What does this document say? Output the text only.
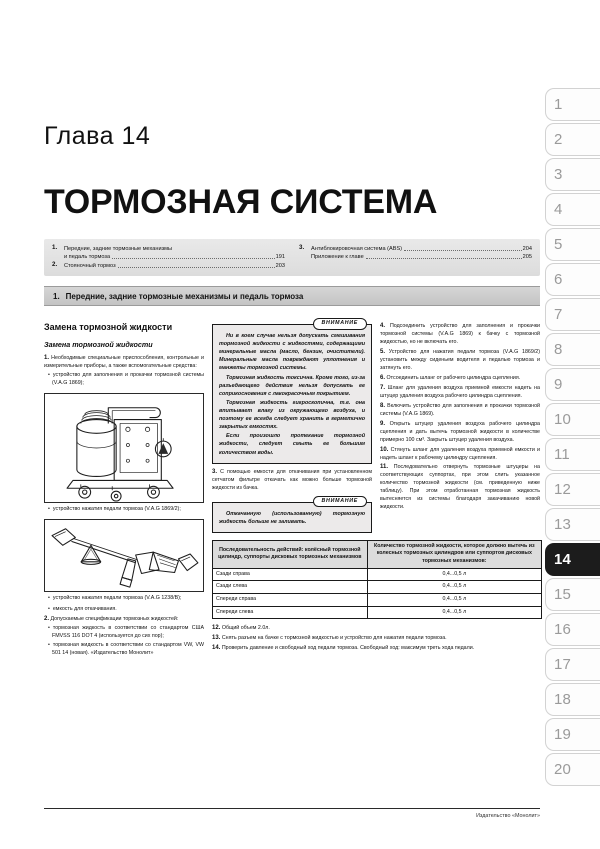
1
2
3
4
5
6
7
8
9
10
11
12
13
14
15
16
17
18
19
20
Глава 14
ТОРМОЗНАЯ СИСТЕМА
1.	Передние, задние тормозные механизмы
и педаль тормоза	191
2.	Стояночный тормоз	203
3.	Антиблокировочная система (ABS)	204
Приложение к главе	205
1. Передние, задние тормозные механизмы и педаль тормоза
Замена тормозной жидкости
Замена тормозной жидкости

1. Необходимые специальные приспособления, контрольные и измерительные приборы, а также вспомогательные средства:

• устройство для заполнения и прокачки тормозной системы (V.A.G 1869);

• устройство нажатия педали тормоза (V.A.G 1869/2);
• устройство нажатия педали тормоза (V.A.G 1238/B);

• емкость для откачивания.

2. Допускаемые спецификации тормозных жидкостей:

• тормозная жидкость в соответствии со стандартом США FMVSS 116 DOT 4 (используется до сих пор);

• тормозная жидкость в соответствии со стандартом VW, VW 501 14 (новая). «Издательство Монолит»

ВНИМАНИЕ

Ни в коем случае нельзя допускать смешивания тормозной жидкости с жидкостями, содержащими минеральные масла (масло, бензин, очистители). Минеральные масла повреждают уплотнения и манжеты тормозной системы.

Тормозная жидкость токсична. Кроме того, из-за разъедающего действия нельзя допускать ее соприкосновения с лакокрасочным покрытием.

Тормозная жидкость гигроскопична, т.е. она впитывает влагу из окружающего воздуха, и поэтому ее всегда следует хранить в герметично закрытых емкостях.

Если произошло протекание тормозной жидкости, следует смыть ее большим количеством воды.

3. С помощью емкости для откачивания при установленном сетчатом фильтре откачать как можно больше тормозной жидкости из бачка.

ВНИМАНИЕ

Откачанную (использованную) тормозную жидкость больше не заливать.

Последовательность действий: колёсный тормозной цилиндр, суппорты дисковых тормозных механизмов	Количество тормозной жидкости, которое должно вытечь из колесных тормозных цилиндров или суппортов дисковых тормозных механизмов:
Сзади справа	0,4...0,5 л
Сзади слева	0,4...0,5 л
Спереди справа	0,4...0,5 л
Спереди слева	0,4...0,5 л

12. Общий объем 2.0л.

13. Снять разъем на бачке с тормозной жидкостью и устройство для нажатия педали тормоза.

14. Проверить давление и свободный ход педали тормоза. Свободный ход: максимум треть хода педали.

4. Подсоединить устройство для заполнения и прокачки тормозной системы (V.A.G 1869) к бачку с тормозной жидкостью, но не включать его.

5. Устройство для нажатия педали тормоза (V.A.G 1869/2) установить между сиденьем водителя и педалью тормоза и затянуть его.

6. Отсоединить шланг от рабочего цилиндра сцепления.

7. Шланг для удаления воздуха приемной емкости надеть на штуцер удаления воздуха рабочего цилиндра сцепления.

8. Включить устройство для заполнения и прокачки тормозной системы (V.A.G 1869).

9. Открыть штуцер удаления воздуха рабочего цилиндра сцепления и дать вытечь тормозной жидкости в количестве примерно 100 см³. Закрыть штуцер удаления воздуха.

10. Стянуть шланг для удаления воздуха приемной емкости и надеть шланг к рабочему цилиндру сцепления.

11. Последовательно отвернуть тормозные штуцеры на соответствующих суппортах, при этом слить указанное количество тормозной жидкости (см. приведенную ниже таблицу). При этом отработанная тормозная жидкость вытесняется из системы благодаря закачиванию новой жидкости.

Издательство «Монолит»
